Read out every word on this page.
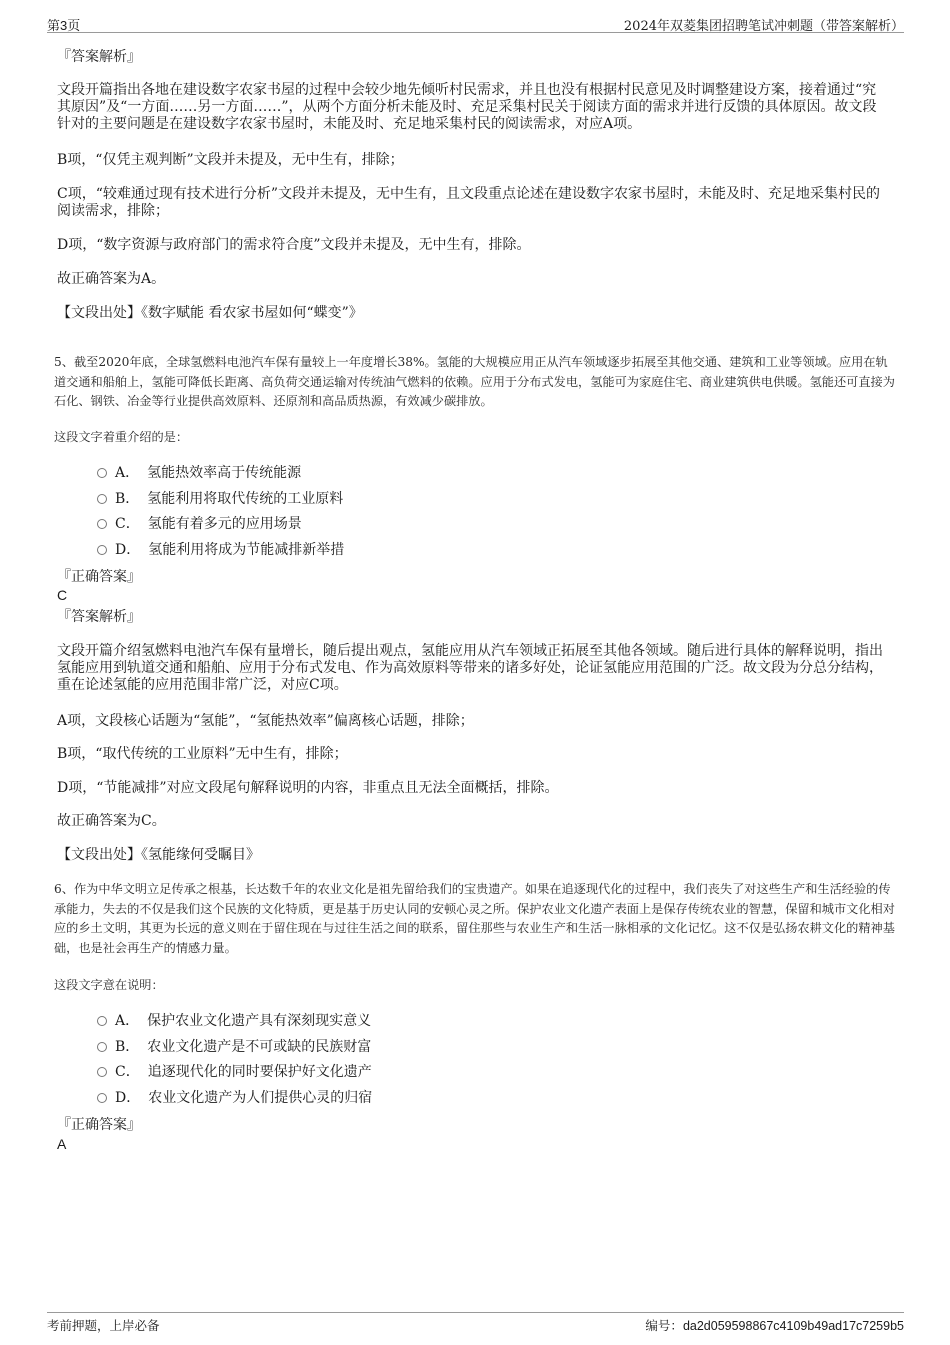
第3页	2024年双菱集团招聘笔试冲刺题（带答案解析）
『答案解析』
文段开篇指出各地在建设数字农家书屋的过程中会较少地先倾听村民需求，并且也没有根据村民意见及时调整建设方案，接着通过“究其原因”及“一方面……另一方面……”，从两个方面分析未能及时、充足采集村民关于阅读方面的需求并进行反馈的具体原因。故文段针对的主要问题是在建设数字农家书屋时，未能及时、充足地采集村民的阅读需求，对应A项。
B项，“仅凭主观判断”文段并未提及，无中生有，排除；
C项，“较难通过现有技术进行分析”文段并未提及，无中生有，且文段重点论述在建设数字农家书屋时，未能及时、充足地采集村民的阅读需求，排除；
D项，“数字资源与政府部门的需求符合度”文段并未提及，无中生有，排除。
故正确答案为A。
【文段出处】《数字赋能 看农家书屋如何“蝶变”》
5、截至2020年底，全球氢燃料电池汽车保有量较上一年度增长38%。氢能的大规模应用正从汽车领域逐步拓展至其他交通、建筑和工业等领域。应用在轨道交通和船舶上，氢能可降低长距离、高负荷交通运输对传统油气燃料的依赖。应用于分布式发电，氢能可为家庭住宅、商业建筑供电供暖。氢能还可直接为石化、钢铁、冶金等行业提供高效原料、还原剂和高品质热源，有效减少碳排放。
这段文字着重介绍的是：
A． 氢能热效率高于传统能源
B． 氢能利用将取代传统的工业原料
C． 氢能有着多元的应用场景
D． 氢能利用将成为节能减排新举措
『正确答案』
C
『答案解析』
文段开篇介绍氢燃料电池汽车保有量增长，随后提出观点，氢能应用从汽车领域正拓展至其他各领域。随后进行具体的解释说明，指出氢能应用到轨道交通和船舶、应用于分布式发电、作为高效原料等带来的诸多好处，论证氢能应用范围的广泛。故文段为分总分结构，重在论述氢能的应用范围非常广泛，对应C项。
A项，文段核心话题为“氢能”，“氢能热效率”偏离核心话题，排除；
B项，“取代传统的工业原料”无中生有，排除；
D项，“节能减排”对应文段尾句解释说明的内容，非重点且无法全面概括，排除。
故正确答案为C。
【文段出处】《氢能缘何受瞩目》
6、作为中华文明立足传承之根基，长达数千年的农业文化是祖先留给我们的宝贵遗产。如果在追逐现代化的过程中，我们丧失了对这些生产和生活经验的传承能力，失去的不仅是我们这个民族的文化特质，更是基于历史认同的安顿心灵之所。保护农业文化遗产表面上是保存传统农业的智慧，保留和城市文化相对应的乡土文明，其更为长远的意义则在于留住现在与过往生活之间的联系，留住那些与农业生产和生活一脉相承的文化记忆。这不仅是弘扬农耕文化的精神基础，也是社会再生产的情感力量。
这段文字意在说明：
A． 保护农业文化遗产具有深刻现实意义
B． 农业文化遗产是不可或缺的民族财富
C． 追逐现代化的同时要保护好文化遗产
D． 农业文化遗产为人们提供心灵的归宿
『正确答案』
A
考前押题，上岸必备	编号：da2d059598867c4109b49ad17c7259b5
